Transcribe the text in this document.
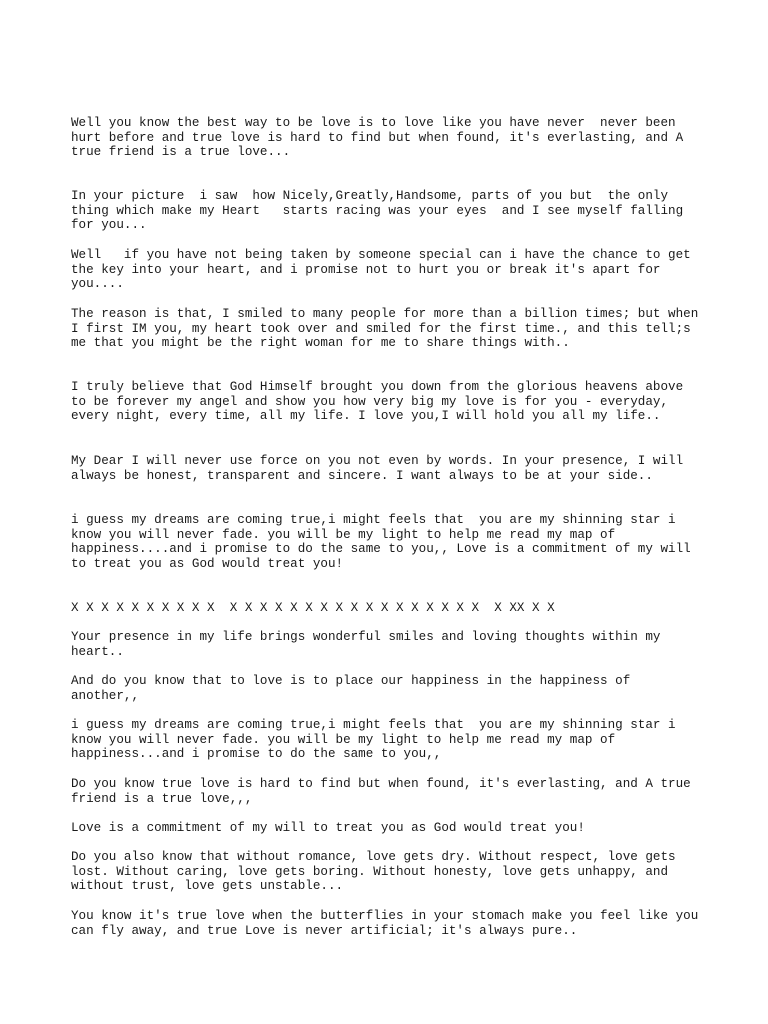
Well you know the best way to be love is to love like you have never  never been
hurt before and true love is hard to find but when found, it's everlasting, and A
true friend is a true love...

In your picture  i saw  how Nicely,Greatly,Handsome, parts of you but  the only
thing which make my Heart   starts racing was your eyes  and I see myself falling
for you...

Well   if you have not being taken by someone special can i have the chance to get
the key into your heart, and i promise not to hurt you or break it's apart for
you....

The reason is that, I smiled to many people for more than a billion times; but when
I first IM you, my heart took over and smiled for the first time., and this tell;s
me that you might be the right woman for me to share things with..

I truly believe that God Himself brought you down from the glorious heavens above
to be forever my angel and show you how very big my love is for you - everyday,
every night, every time, all my life. I love you,I will hold you all my life..

My Dear I will never use force on you not even by words. In your presence, I will
always be honest, transparent and sincere. I want always to be at your side..

i guess my dreams are coming true,i might feels that  you are my shinning star i
know you will never fade. you will be my light to help me read my map of
happiness....and i promise to do the same to you,, Love is a commitment of my will
to treat you as God would treat you!

X X X X X X X X X X  X X X X X X X X X X X X X X X X X  X XX X X

Your presence in my life brings wonderful smiles and loving thoughts within my
heart..

And do you know that to love is to place our happiness in the happiness of
another,,

i guess my dreams are coming true,i might feels that  you are my shinning star i
know you will never fade. you will be my light to help me read my map of
happiness...and i promise to do the same to you,,

Do you know true love is hard to find but when found, it's everlasting, and A true
friend is a true love,,,

Love is a commitment of my will to treat you as God would treat you!

Do you also know that without romance, love gets dry. Without respect, love gets
lost. Without caring, love gets boring. Without honesty, love gets unhappy, and
without trust, love gets unstable...

You know it's true love when the butterflies in your stomach make you feel like you
can fly away, and true Love is never artificial; it's always pure..
